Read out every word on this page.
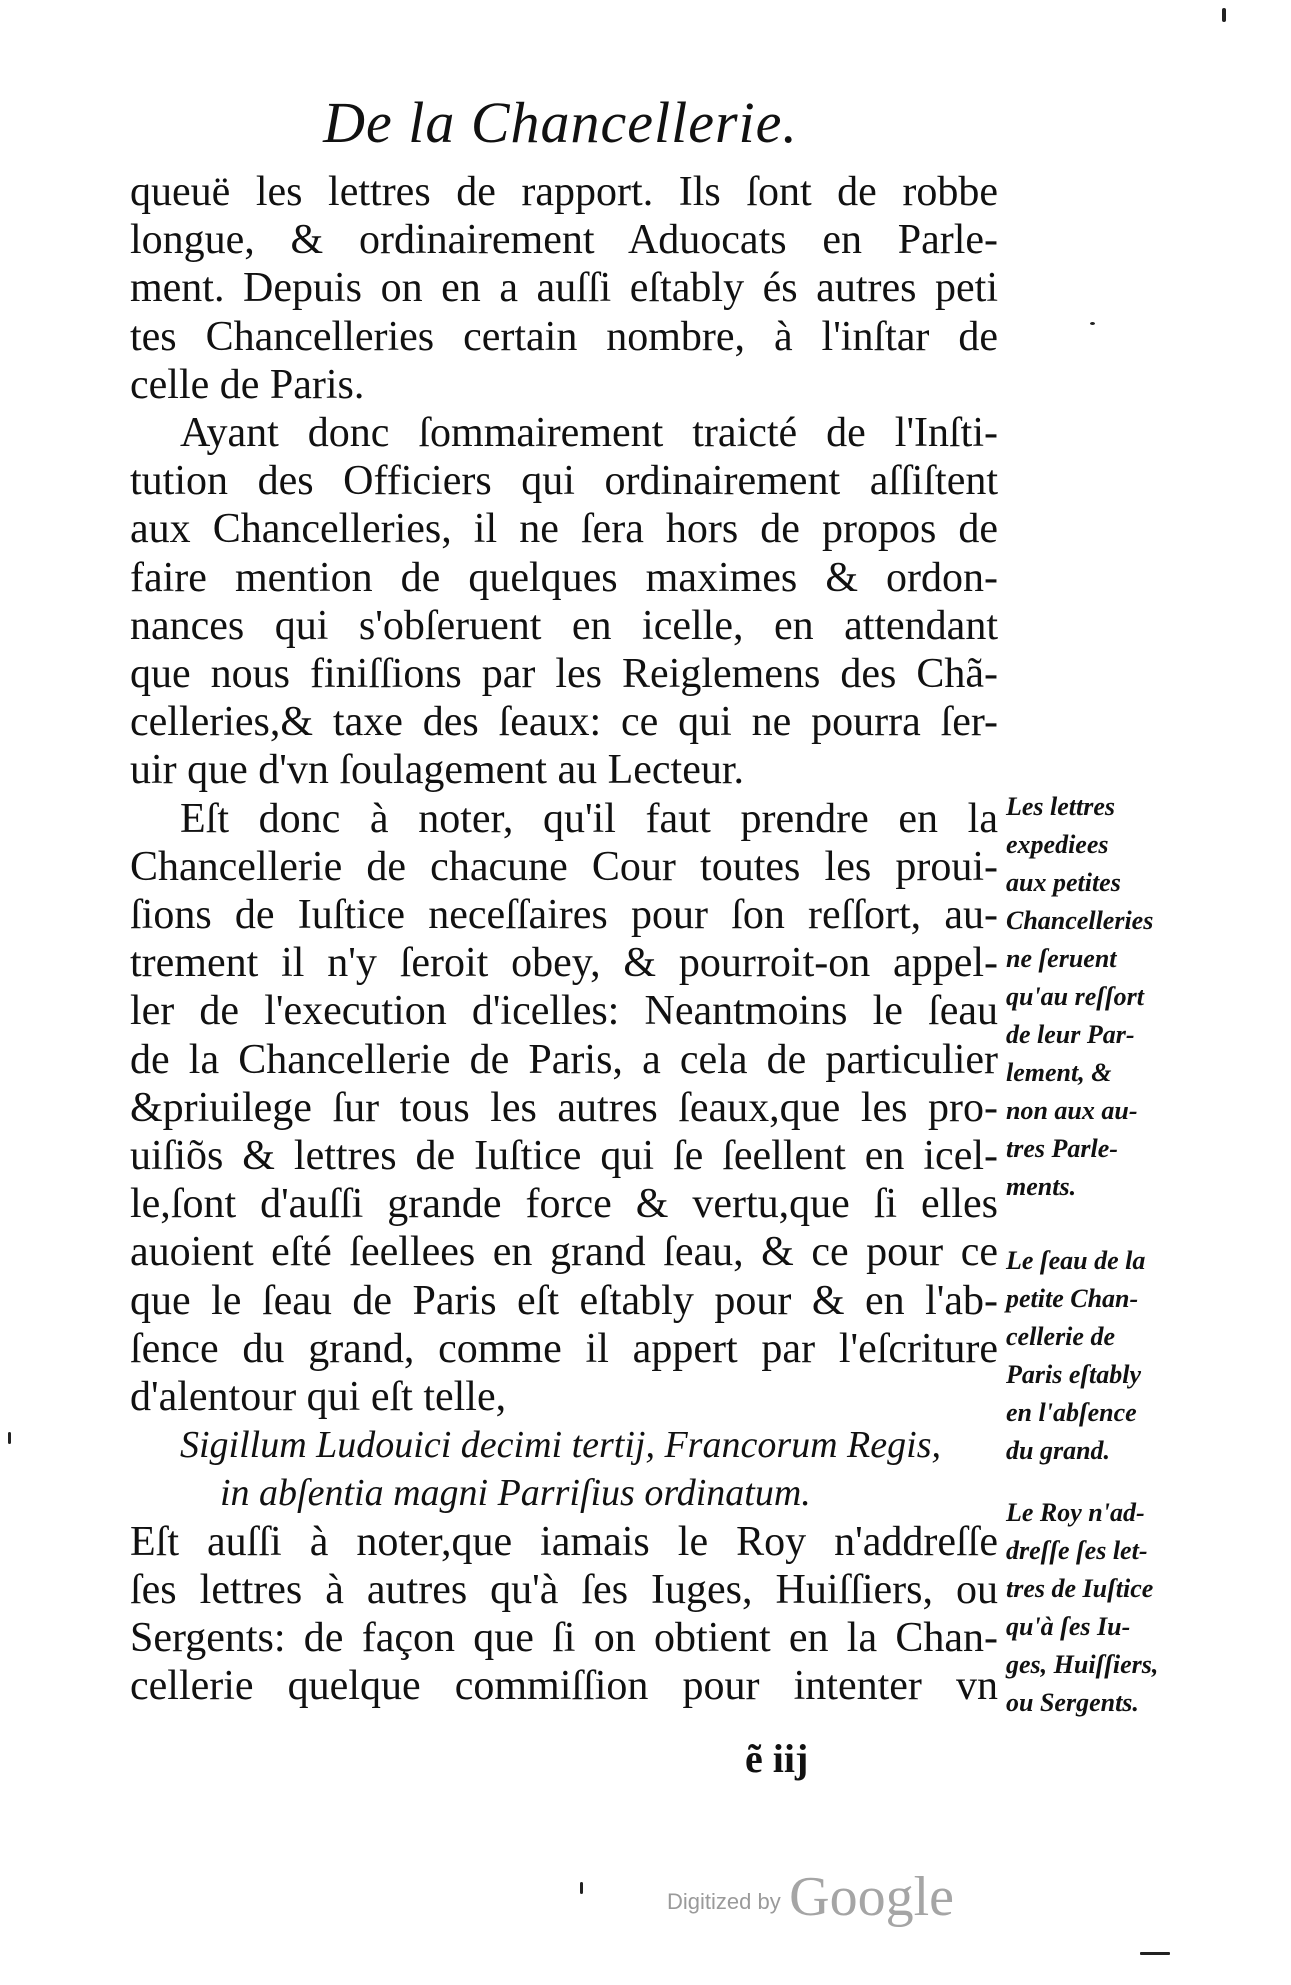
De la Chancellerie.
queuë les lettres de rapport. Ils ſont de robbe
longue, & ordinairement Aduocats en Parle-
ment. Depuis on en a auſſi eſtably és autres peti
tes Chancelleries certain nombre, à l'inſtar de
celle de Paris.
Ayant donc ſommairement traicté de l'Inſti-
tution des Officiers qui ordinairement aſſiſtent
aux Chancelleries, il ne ſera hors de propos de
faire mention de quelques maximes & ordon-
nances qui s'obſeruent en icelle, en attendant
que nous finiſſions par les Reiglemens des Chã-
celleries,& taxe des ſeaux: ce qui ne pourra ſer-
uir que d'vn ſoulagement au Lecteur.
Eſt donc à noter, qu'il faut prendre en la
Chancellerie de chacune Cour toutes les proui-
ſions de Iuſtice neceſſaires pour ſon reſſort, au-
trement il n'y ſeroit obey, & pourroit-on appel-
ler de l'execution d'icelles: Neantmoins le ſeau
de la Chancellerie de Paris, a cela de particulier
&priuilege ſur tous les autres ſeaux,que les pro-
uiſiõs & lettres de Iuſtice qui ſe ſeellent en icel-
le,ſont d'auſſi grande force & vertu,que ſi elles
auoient eſté ſeellees en grand ſeau, & ce pour ce
que le ſeau de Paris eſt eſtably pour & en l'ab-
ſence du grand, comme il appert par l'eſcriture
d'alentour qui eſt telle,
Sigillum Ludouici decimi tertij, Francorum Regis,
in abſentia magni Parriſius ordinatum.
Eſt auſſi à noter,que iamais le Roy n'addreſſe
ſes lettres à autres qu'à ſes Iuges, Huiſſiers, ou
Sergents: de façon que ſi on obtient en la Chan-
cellerie quelque commiſſion pour intenter vn
Les lettres
expediees
aux petites
Chancelleries
ne ſeruent
qu'au reſſort
de leur Par-
lement, &
non aux au-
tres Parle-
ments.
Le ſeau de la
petite Chan-
cellerie de
Paris eſtably
en l'abſence
du grand.
Le Roy n'ad-
dreſſe ſes let-
tres de Iuſtice
qu'à ſes Iu-
ges, Huiſſiers,
ou Sergents.
ẽ iij
Digitized by Google
